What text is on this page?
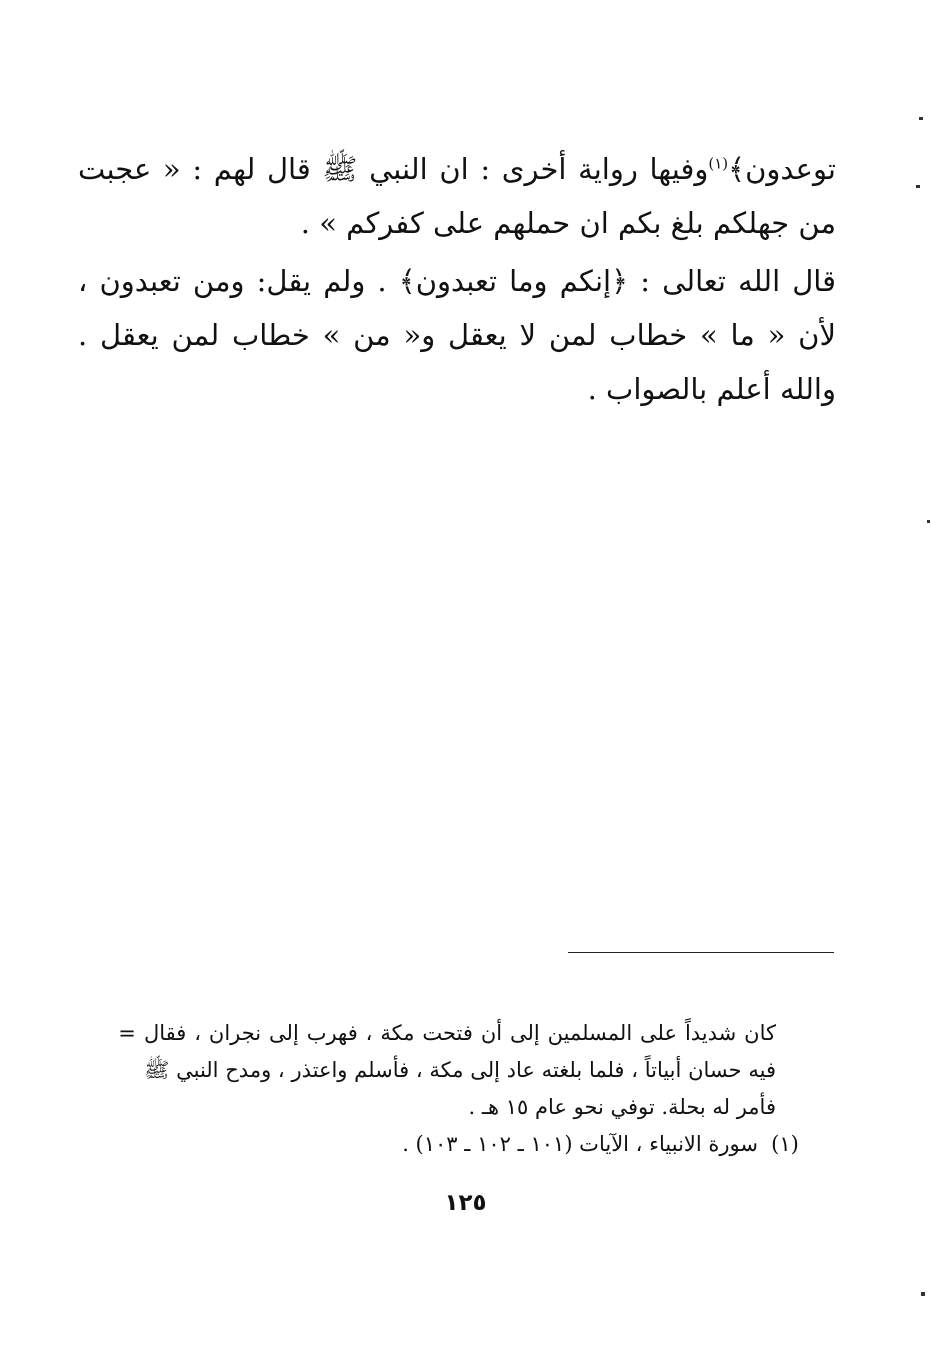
توعدون﴾$^{(١)}$وفيها رواية أخرى : ان النبي ﷺ قال لهم : « عجبت من جهلكم بلغ بكم ان حملهم على كفركم » .

قال الله تعالى : ﴿إنكم وما تعبدون﴾ . ولم يقل: ومن تعبدون ، لأن « ما » خطاب لمن لا يعقل و« من » خطاب لمن يعقل . والله أعلم بالصواب .

كان شديداً على المسلمين إلى أن فتحت مكة ، فهرب إلى نجران ، فقال فيه حسان أبياتاً ، فلما بلغته عاد إلى مكة ، فأسلم واعتذر ، ومدح النبي ﷺ فأمر له بحلة. توفي نحو عام ١٥ هـ .
=
(١)
سورة الانبياء ، الآيات (١٠١ ـ ١٠٢ ـ ١٠٣) .
١٢٥
